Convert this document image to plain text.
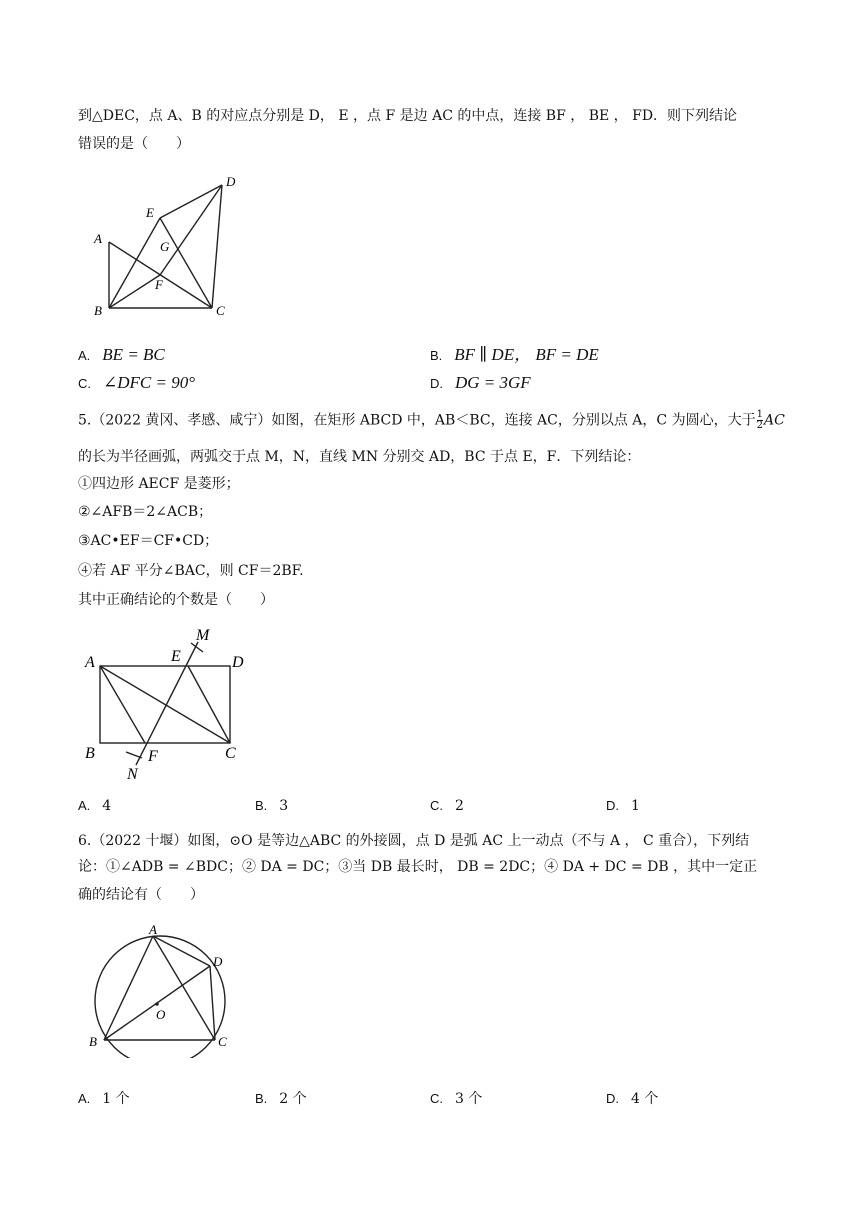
到△DEC，点 A、B 的对应点分别是 D， E ，点 F 是边 AC 的中点，连接 BF ， BE ， FD．则下列结论
错误的是（　　）
A
B	C
D
E
F
G
A. BE = BC	B. BF ∥ DE， BF = DE
C. ∠DFC = 90°	D. DG = 3GF
5.（2022 黄冈、孝感、咸宁）如图，在矩形 ABCD 中，AB＜BC，连接 AC，分别以点 A，C 为圆心，大于 $\frac{1}{2}$ AC
的长为半径画弧，两弧交于点 M，N，直线 MN 分别交 AD，BC 于点 E，F．下列结论：
①四边形 AECF 是菱形；
②∠AFB＝2∠ACB；
③AC•EF＝CF•CD；
④若 AF 平分∠BAC，则 CF＝2BF.
其中正确结论的个数是（　　）
A
B	C
D
E
F
M
N
A. 4	B. 3	C. 2	D. 1
6.（2022 十堰）如图，⊙O 是等边△ABC 的外接圆，点 D 是弧 AC 上一动点（不与 A ， C 重合），下列结
论：①∠ADB = ∠BDC；② DA = DC；③当 DB 最长时， DB = 2DC；④ DA + DC = DB ，其中一定正
确的结论有（　　）
A
B	C
D
O
A. 1 个	B. 2 个	C. 3 个	D. 4 个
